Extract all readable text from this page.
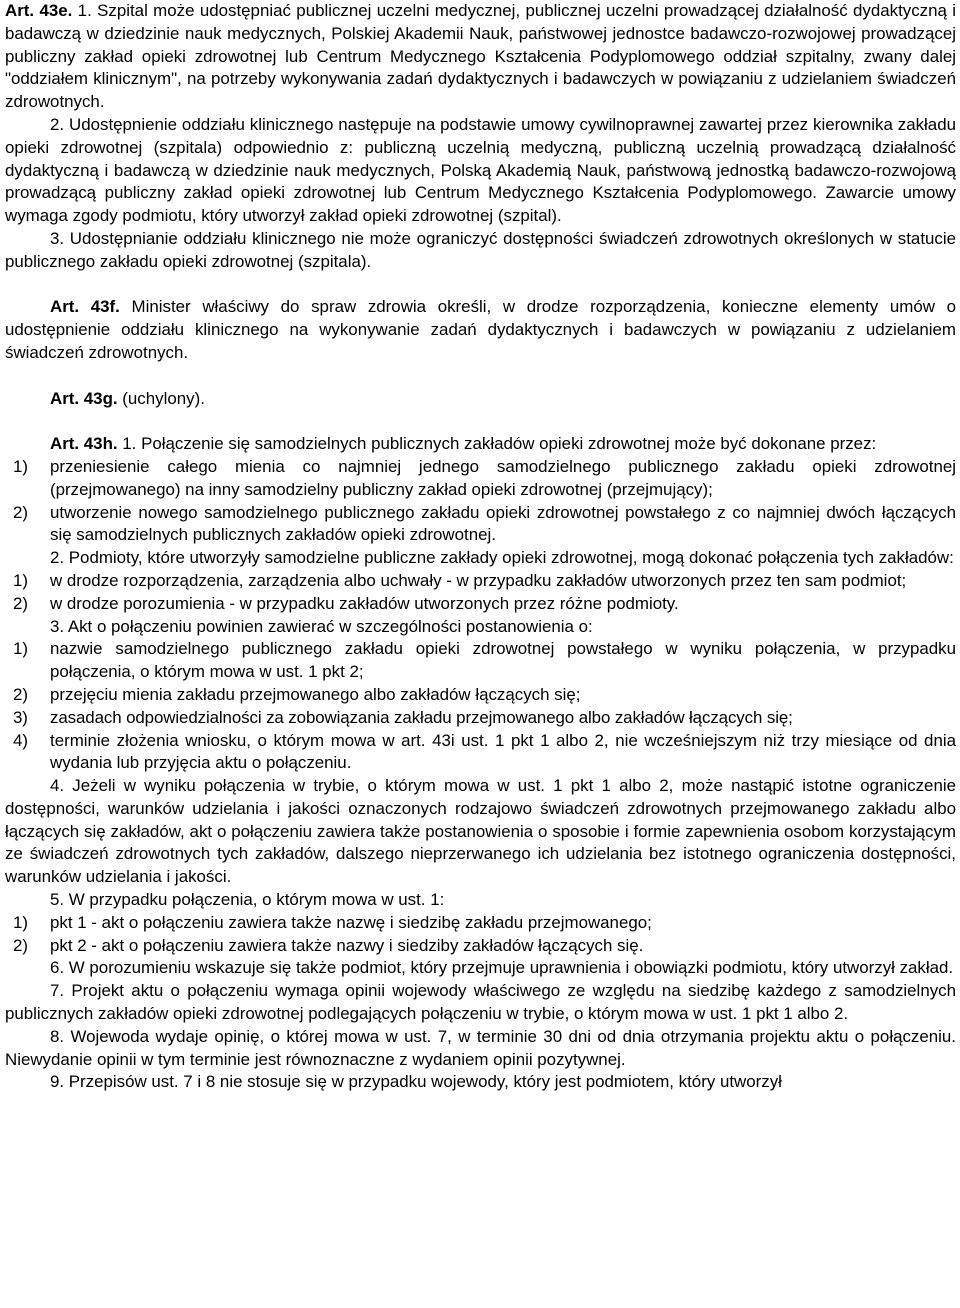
Art. 43e. 1. Szpital może udostępniać publicznej uczelni medycznej, publicznej uczelni prowadzącej działalność dydaktyczną i badawczą w dziedzinie nauk medycznych, Polskiej Akademii Nauk, państwowej jednostce badawczo-rozwojowej prowadzącej publiczny zakład opieki zdrowotnej lub Centrum Medycznego Kształcenia Podyplomowego oddział szpitalny, zwany dalej "oddziałem klinicznym", na potrzeby wykonywania zadań dydaktycznych i badawczych w powiązaniu z udzielaniem świadczeń zdrowotnych.

2. Udostępnienie oddziału klinicznego następuje na podstawie umowy cywilnoprawnej zawartej przez kierownika zakładu opieki zdrowotnej (szpitala) odpowiednio z: publiczną uczelnią medyczną, publiczną uczelnią prowadzącą działalność dydaktyczną i badawczą w dziedzinie nauk medycznych, Polską Akademią Nauk, państwową jednostką badawczo-rozwojową prowadzącą publiczny zakład opieki zdrowotnej lub Centrum Medycznego Kształcenia Podyplomowego. Zawarcie umowy wymaga zgody podmiotu, który utworzył zakład opieki zdrowotnej (szpital).

3. Udostępnianie oddziału klinicznego nie może ograniczyć dostępności świadczeń zdrowotnych określonych w statucie publicznego zakładu opieki zdrowotnej (szpitala).

Art. 43f. Minister właściwy do spraw zdrowia określi, w drodze rozporządzenia, konieczne elementy umów o udostępnienie oddziału klinicznego na wykonywanie zadań dydaktycznych i badawczych w powiązaniu z udzielaniem świadczeń zdrowotnych.

Art. 43g. (uchylony).

Art. 43h. 1. Połączenie się samodzielnych publicznych zakładów opieki zdrowotnej może być dokonane przez:

1) przeniesienie całego mienia co najmniej jednego samodzielnego publicznego zakładu opieki zdrowotnej (przejmowanego) na inny samodzielny publiczny zakład opieki zdrowotnej (przejmujący);
2) utworzenie nowego samodzielnego publicznego zakładu opieki zdrowotnej powstałego z co najmniej dwóch łączących się samodzielnych publicznych zakładów opieki zdrowotnej.

2. Podmioty, które utworzyły samodzielne publiczne zakłady opieki zdrowotnej, mogą dokonać połączenia tych zakładów:

1) w drodze rozporządzenia, zarządzenia albo uchwały - w przypadku zakładów utworzonych przez ten sam podmiot;
2) w drodze porozumienia - w przypadku zakładów utworzonych przez różne podmioty.

3. Akt o połączeniu powinien zawierać w szczególności postanowienia o:

1) nazwie samodzielnego publicznego zakładu opieki zdrowotnej powstałego w wyniku połączenia, w przypadku połączenia, o którym mowa w ust. 1 pkt 2;
2) przejęciu mienia zakładu przejmowanego albo zakładów łączących się;
3) zasadach odpowiedzialności za zobowiązania zakładu przejmowanego albo zakładów łączących się;
4) terminie złożenia wniosku, o którym mowa w art. 43i ust. 1 pkt 1 albo 2, nie wcześniejszym niż trzy miesiące od dnia wydania lub przyjęcia aktu o połączeniu.

4. Jeżeli w wyniku połączenia w trybie, o którym mowa w ust. 1 pkt 1 albo 2, może nastąpić istotne ograniczenie dostępności, warunków udzielania i jakości oznaczonych rodzajowo świadczeń zdrowotnych przejmowanego zakładu albo łączących się zakładów, akt o połączeniu zawiera także postanowienia o sposobie i formie zapewnienia osobom korzystającym ze świadczeń zdrowotnych tych zakładów, dalszego nieprzerwanego ich udzielania bez istotnego ograniczenia dostępności, warunków udzielania i jakości.

5. W przypadku połączenia, o którym mowa w ust. 1:

1) pkt 1 - akt o połączeniu zawiera także nazwę i siedzibę zakładu przejmowanego;
2) pkt 2 - akt o połączeniu zawiera także nazwy i siedziby zakładów łączących się.

6. W porozumieniu wskazuje się także podmiot, który przejmuje uprawnienia i obowiązki podmiotu, który utworzył zakład.

7. Projekt aktu o połączeniu wymaga opinii wojewody właściwego ze względu na siedzibę każdego z samodzielnych publicznych zakładów opieki zdrowotnej podlegających połączeniu w trybie, o którym mowa w ust. 1 pkt 1 albo 2.

8. Wojewoda wydaje opinię, o której mowa w ust. 7, w terminie 30 dni od dnia otrzymania projektu aktu o połączeniu. Niewydanie opinii w tym terminie jest równoznaczne z wydaniem opinii pozytywnej.

9. Przepisów ust. 7 i 8 nie stosuje się w przypadku wojewody, który jest podmiotem, który utworzył
